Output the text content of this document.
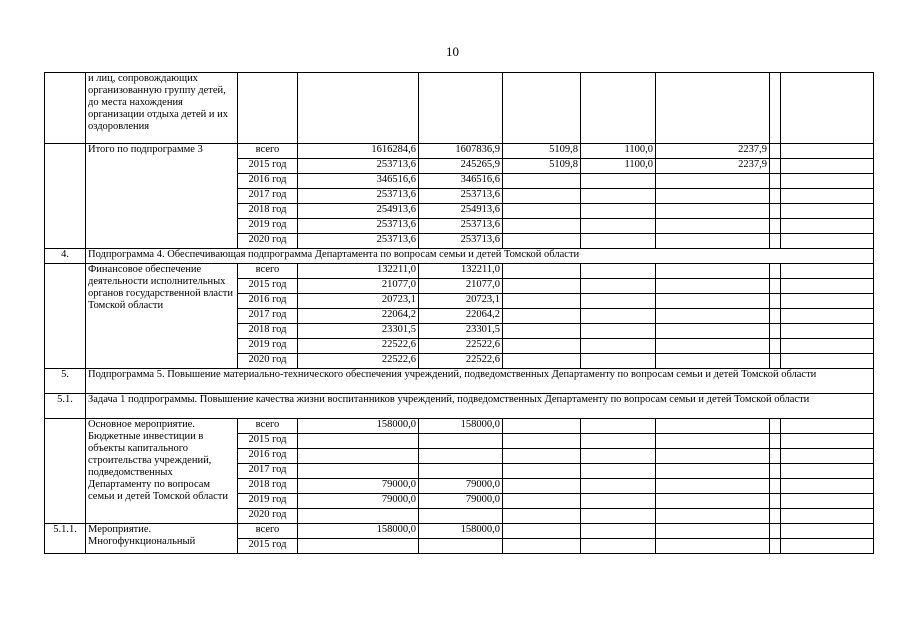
10
	и лиц, сопровождающих организованную группу детей, до места нахождения организации отдыха детей и их оздоровления								
	Итого по подпрограмме 3	всего	1616284,6	1607836,9	5109,8	1100,0	2237,9		
		2015 год	253713,6	245265,9	5109,8	1100,0	2237,9		
		2016 год	346516,6	346516,6					
		2017 год	253713,6	253713,6					
		2018 год	254913,6	254913,6					
		2019 год	253713,6	253713,6					
		2020 год	253713,6	253713,6					
4.	Подпрограмма 4. Обеспечивающая подпрограмма Департамента по вопросам семьи и детей Томской области								
	Финансовое обеспечение деятельности исполнительных органов государственной власти Томской области	всего	132211,0	132211,0					
		2015 год	21077,0	21077,0					
		2016 год	20723,1	20723,1					
		2017 год	22064,2	22064,2					
		2018 год	23301,5	23301,5					
		2019 год	22522,6	22522,6					
		2020 год	22522,6	22522,6					
5.	Подпрограмма 5. Повышение материально-технического обеспечения учреждений, подведомственных Департаменту по вопросам семьи и детей Томской области								
5.1.	Задача 1 подпрограммы. Повышение качества жизни воспитанников учреждений, подведомственных Департаменту по вопросам семьи и детей Томской области								
	Основное мероприятие. Бюджетные инвестиции в объекты капитального строительства учреждений, подведомственных Департаменту по вопросам семьи и детей Томской области	всего	158000,0	158000,0					
		2015 год							
		2016 год							
		2017 год							
		2018 год	79000,0	79000,0					
		2019 год	79000,0	79000,0					
		2020 год							
5.1.1.	Мероприятие. Многофункциональный	всего	158000,0	158000,0					
		2015 год							
